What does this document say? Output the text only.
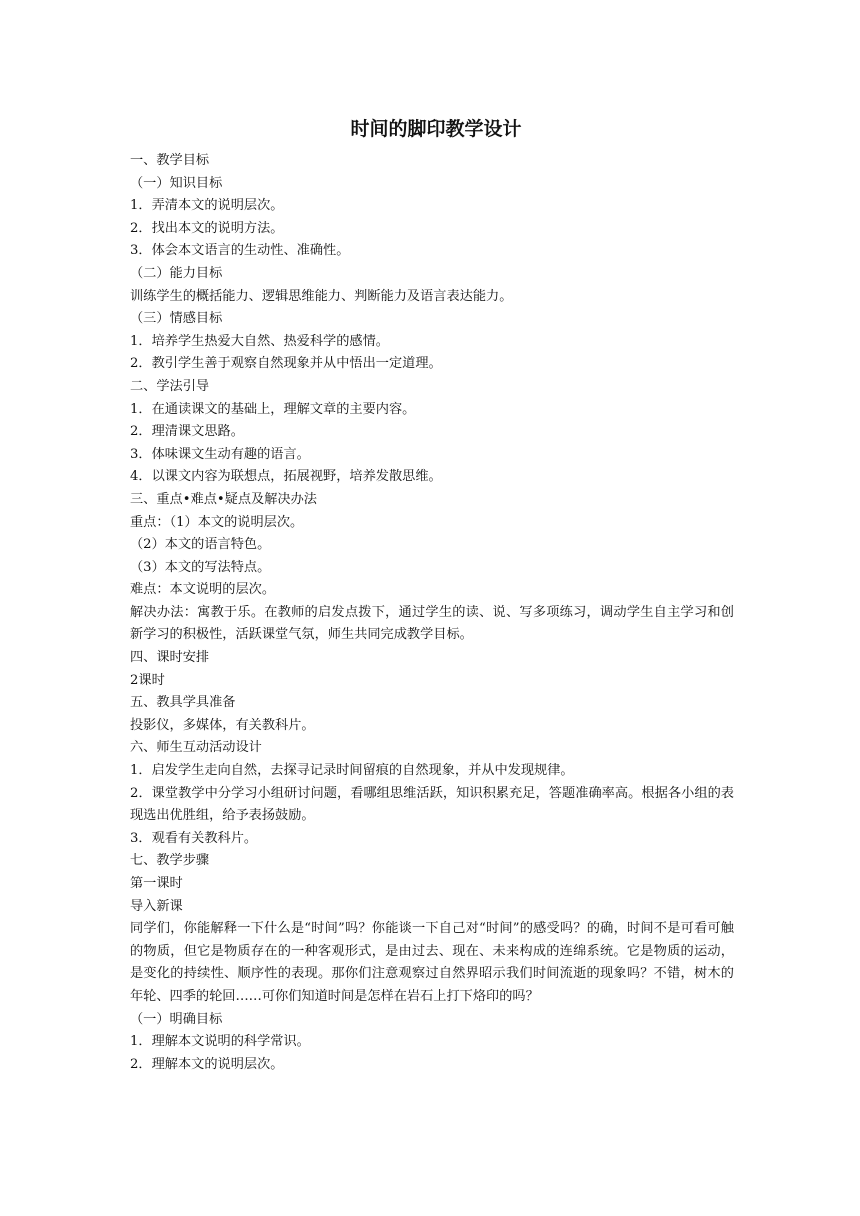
时间的脚印教学设计

一、教学目标

（一）知识目标

1．弄清本文的说明层次。

2．找出本文的说明方法。

3．体会本文语言的生动性、准确性。

（二）能力目标

训练学生的概括能力、逻辑思维能力、判断能力及语言表达能力。

（三）情感目标

1．培养学生热爱大自然、热爱科学的感情。

2．教引学生善于观察自然现象并从中悟出一定道理。

二、学法引导

1．在通读课文的基础上，理解文章的主要内容。

2．理清课文思路。

3．体味课文生动有趣的语言。

4．以课文内容为联想点，拓展视野，培养发散思维。

三、重点•难点•疑点及解决办法

重点：（1）本文的说明层次。

（2）本文的语言特色。

（3）本文的写法特点。

难点：本文说明的层次。

解决办法：寓教于乐。在教师的启发点拨下，通过学生的读、说、写多项练习，调动学生自主学习和创新学习的积极性，活跃课堂气氛，师生共同完成教学目标。

四、课时安排

2课时

五、教具学具准备

投影仪，多媒体，有关教科片。

六、师生互动活动设计

1．启发学生走向自然，去探寻记录时间留痕的自然现象，并从中发现规律。

2．课堂教学中分学习小组研讨问题，看哪组思维活跃，知识积累充足，答题准确率高。根据各小组的表现选出优胜组，给予表扬鼓励。

3．观看有关教科片。

七、教学步骤

第一课时

导入新课

同学们，你能解释一下什么是“时间”吗？你能谈一下自己对“时间”的感受吗？的确，时间不是可看可触的物质，但它是物质存在的一种客观形式，是由过去、现在、未来构成的连绵系统。它是物质的运动，是变化的持续性、顺序性的表现。那你们注意观察过自然界昭示我们时间流逝的现象吗？不错，树木的年轮、四季的轮回……可你们知道时间是怎样在岩石上打下烙印的吗？

（一）明确目标

1．理解本文说明的科学常识。

2．理解本文的说明层次。
